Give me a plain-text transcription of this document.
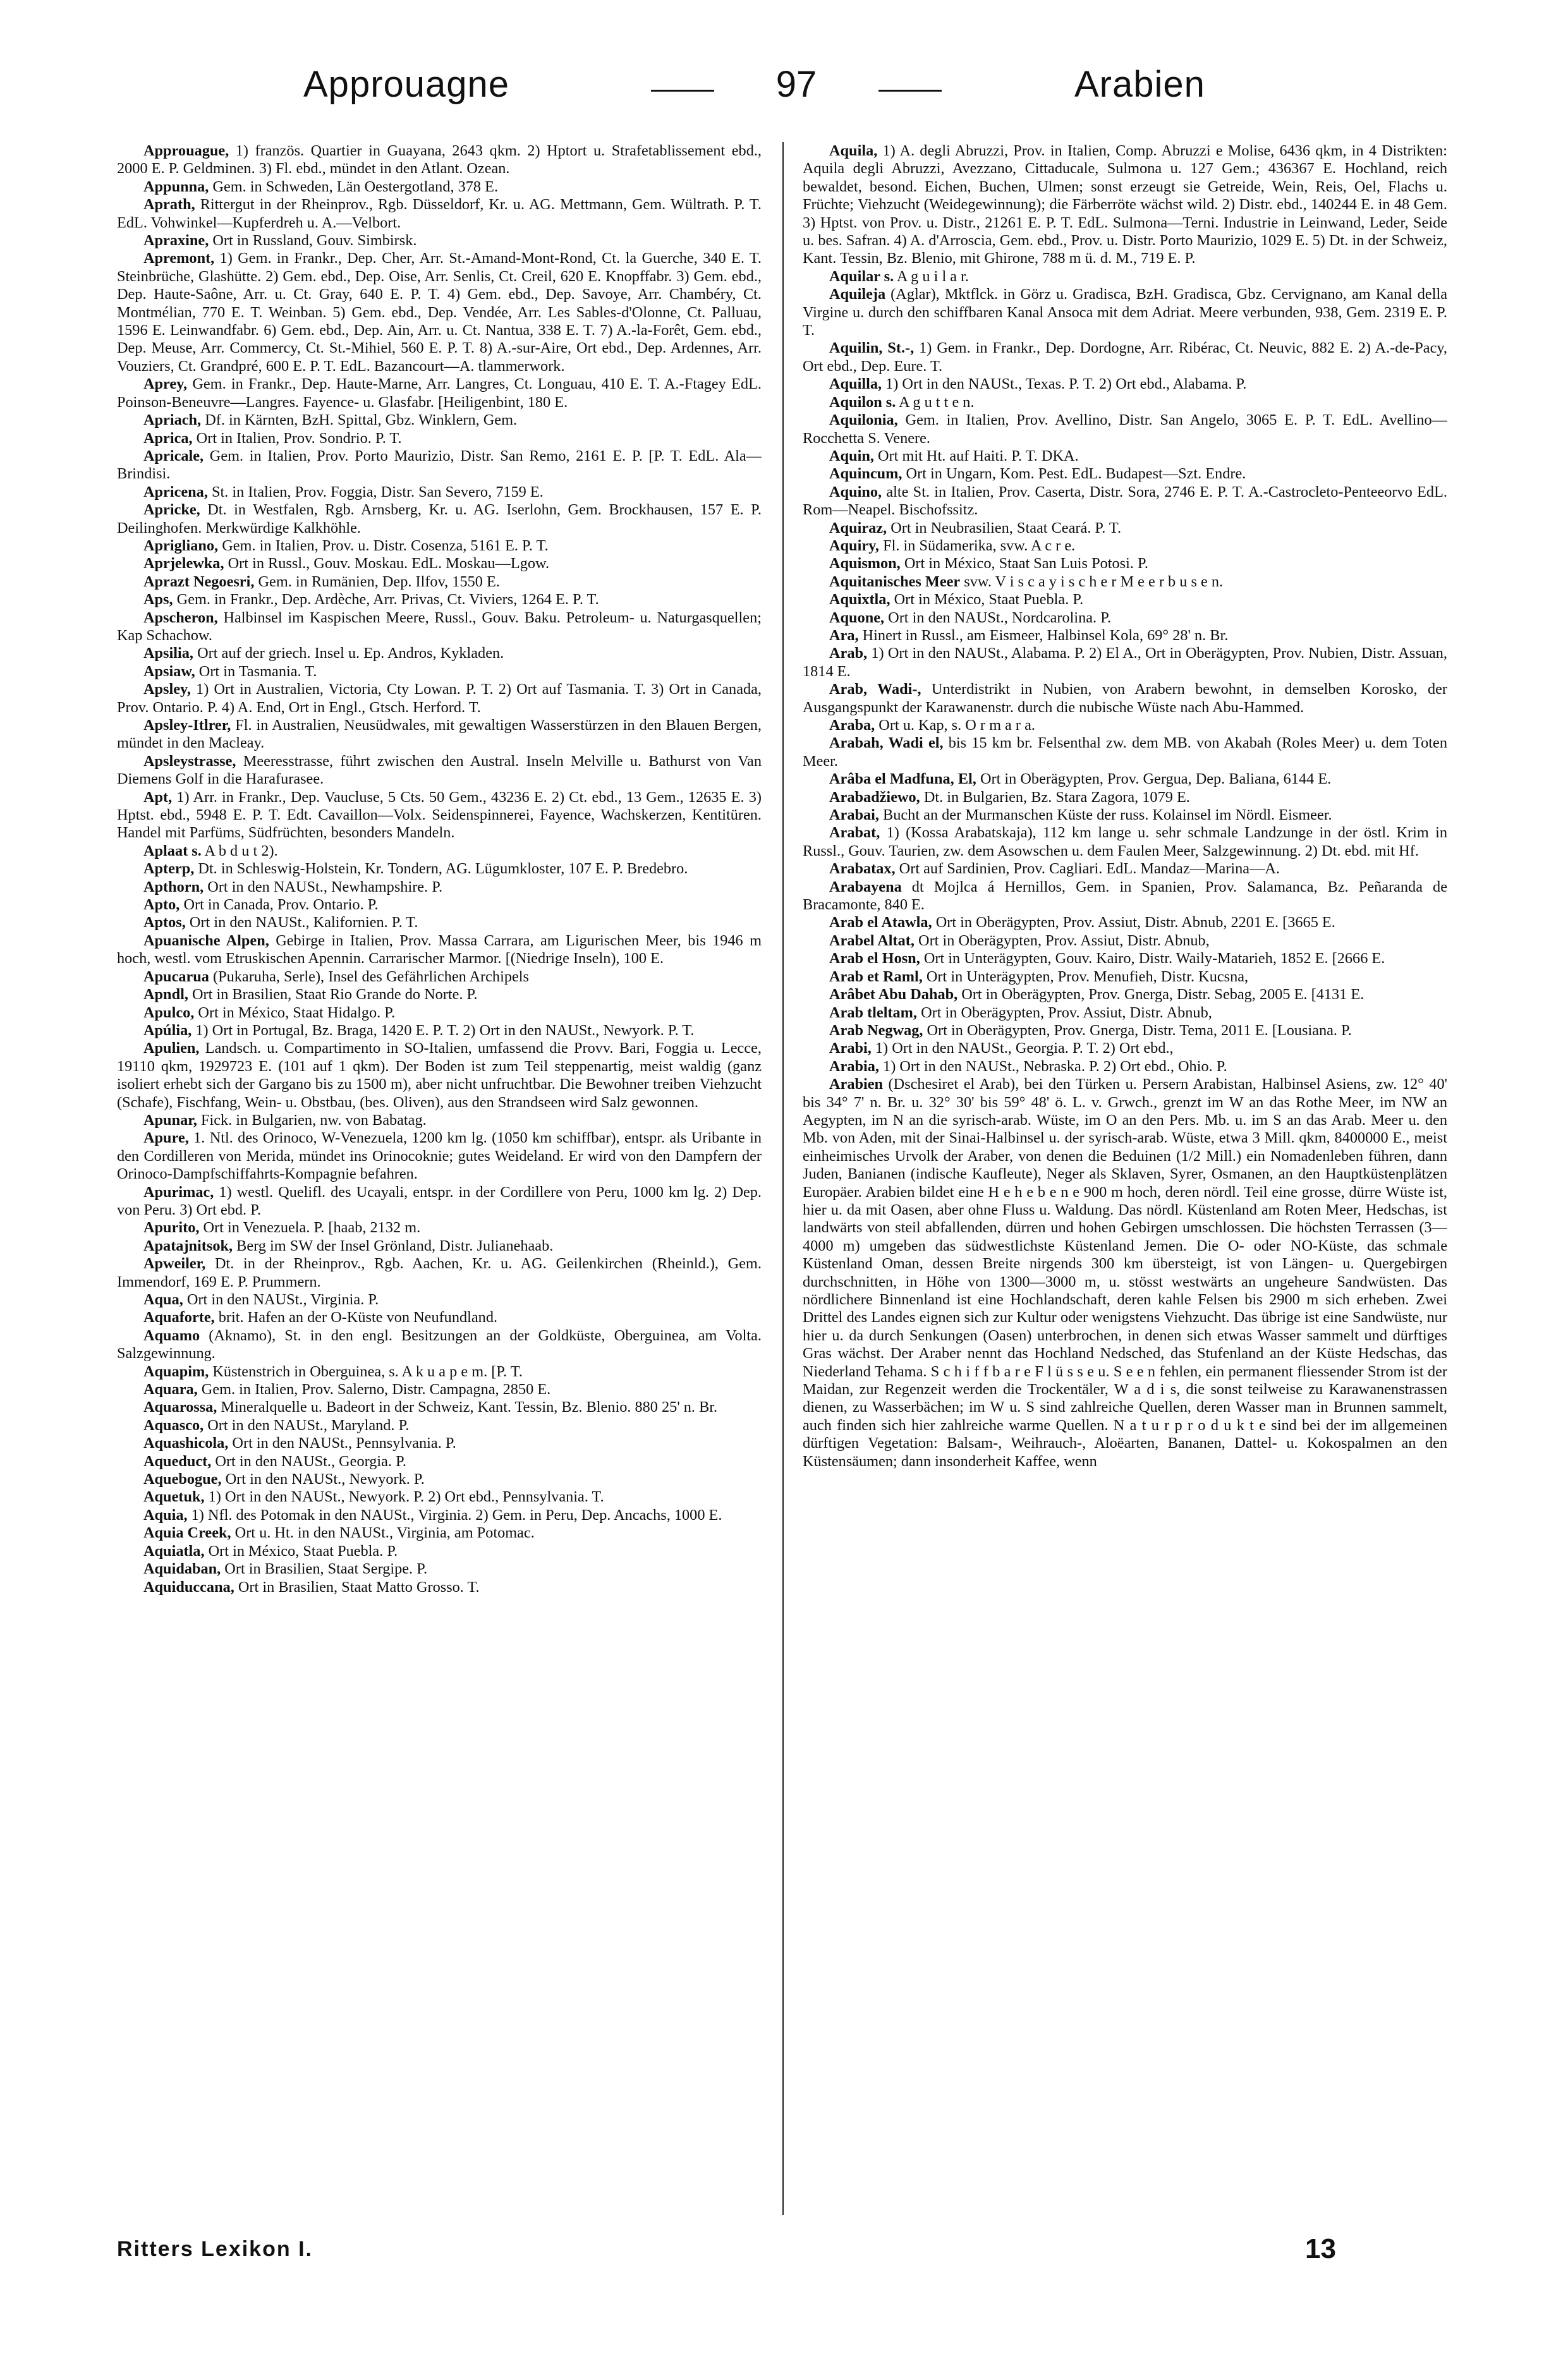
Approuagne	97	Arabien

Approuague, 1) französ. Quartier in Guayana, 2643 qkm. 2) Hptort u. Strafetablissement ebd., 2000 E. P. Geldminen. 3) Fl. ebd., mündet in den Atlant. Ozean.

Appunna, Gem. in Schweden, Län Oestergotland, 378 E.

Aprath, Rittergut in der Rheinprov., Rgb. Düsseldorf, Kr. u. AG. Mettmann, Gem. Wültrath. P. T. EdL. Vohwinkel—Kupferdreh u. A.—Velbort.

Apraxine, Ort in Russland, Gouv. Simbirsk.

Apremont, 1) Gem. in Frankr., Dep. Cher, Arr. St.-Amand-Mont-Rond, Ct. la Guerche, 340 E. T. Steinbrüche, Glashütte. 2) Gem. ebd., Dep. Oise, Arr. Senlis, Ct. Creil, 620 E. Knopffabr. 3) Gem. ebd., Dep. Haute-Saône, Arr. u. Ct. Gray, 640 E. P. T. 4) Gem. ebd., Dep. Savoye, Arr. Chambéry, Ct. Montmélian, 770 E. T. Weinban. 5) Gem. ebd., Dep. Vendée, Arr. Les Sables-d'Olonne, Ct. Palluau, 1596 E. Leinwandfabr. 6) Gem. ebd., Dep. Ain, Arr. u. Ct. Nantua, 338 E. T. 7) A.-la-Forêt, Gem. ebd., Dep. Meuse, Arr. Commercy, Ct. St.-Mihiel, 560 E. P. T. 8) A.-sur-Aire, Ort ebd., Dep. Ardennes, Arr. Vouziers, Ct. Grandpré, 600 E. P. T. EdL. Bazancourt—A. tlammerwork.

Aprey, Gem. in Frankr., Dep. Haute-Marne, Arr. Langres, Ct. Longuau, 410 E. T. A.-Ftagey EdL. Poinson-Beneuvre—Langres. Fayence- u. Glasfabr. [Heiligenbint, 180 E.

Apriach, Df. in Kärnten, BzH. Spittal, Gbz. Winklern, Gem.

Aprica, Ort in Italien, Prov. Sondrio. P. T.

Apricale, Gem. in Italien, Prov. Porto Maurizio, Distr. San Remo, 2161 E. P. [P. T. EdL. Ala—Brindisi.

Apricena, St. in Italien, Prov. Foggia, Distr. San Severo, 7159 E.

Apricke, Dt. in Westfalen, Rgb. Arnsberg, Kr. u. AG. Iserlohn, Gem. Brockhausen, 157 E. P. Deilinghofen. Merkwürdige Kalkhöhle.

Aprigliano, Gem. in Italien, Prov. u. Distr. Cosenza, 5161 E. P. T.

Aprjelewka, Ort in Russl., Gouv. Moskau. EdL. Moskau—Lgow.

Aprazt Negoesri, Gem. in Rumänien, Dep. Ilfov, 1550 E.

Aps, Gem. in Frankr., Dep. Ardèche, Arr. Privas, Ct. Viviers, 1264 E. P. T.

Apscheron, Halbinsel im Kaspischen Meere, Russl., Gouv. Baku. Petroleum- u. Naturgasquellen; Kap Schachow.

Apsilia, Ort auf der griech. Insel u. Ep. Andros, Kykladen.

Apsiaw, Ort in Tasmania. T.

Apsley, 1) Ort in Australien, Victoria, Cty Lowan. P. T. 2) Ort auf Tasmania. T. 3) Ort in Canada, Prov. Ontario. P. 4) A. End, Ort in Engl., Gtsch. Herford. T.

Apsley-Itlrer, Fl. in Australien, Neusüdwales, mit gewaltigen Wasserstürzen in den Blauen Bergen, mündet in den Macleay.

Apsleystrasse, Meeresstrasse, führt zwischen den Austral. Inseln Melville u. Bathurst von Van Diemens Golf in die Harafurasee.

Apt, 1) Arr. in Frankr., Dep. Vaucluse, 5 Cts. 50 Gem., 43236 E. 2) Ct. ebd., 13 Gem., 12635 E. 3) Hptst. ebd., 5948 E. P. T. Edt. Cavaillon—Volx. Seidenspinnerei, Fayence, Wachskerzen, Kentitüren. Handel mit Parfüms, Südfrüchten, besonders Mandeln.

Aplaat s. A b d u t 2).

Apterp, Dt. in Schleswig-Holstein, Kr. Tondern, AG. Lügumkloster, 107 E. P. Bredebro.

Apthorn, Ort in den NAUSt., Newhampshire. P.

Apto, Ort in Canada, Prov. Ontario. P.

Aptos, Ort in den NAUSt., Kalifornien. P. T.

Apuanische Alpen, Gebirge in Italien, Prov. Massa Carrara, am Ligurischen Meer, bis 1946 m hoch, westl. vom Etruskischen Apennin. Carrarischer Marmor. [(Niedrige Inseln), 100 E.

Apucarua (Pukaruha, Serle), Insel des Gefährlichen Archipels

Apndl, Ort in Brasilien, Staat Rio Grande do Norte. P.

Apulco, Ort in México, Staat Hidalgo. P.

Apúlia, 1) Ort in Portugal, Bz. Braga, 1420 E. P. T. 2) Ort in den NAUSt., Newyork. P. T.

Apulien, Landsch. u. Compartimento in SO-Italien, umfassend die Provv. Bari, Foggia u. Lecce, 19110 qkm, 1929723 E. (101 auf 1 qkm). Der Boden ist zum Teil steppenartig, meist waldig (ganz isoliert erhebt sich der Gargano bis zu 1500 m), aber nicht unfruchtbar. Die Bewohner treiben Viehzucht (Schafe), Fischfang, Wein- u. Obstbau, (bes. Oliven), aus den Strandseen wird Salz gewonnen.

Apunar, Fick. in Bulgarien, nw. von Babatag.

Apure, 1. Ntl. des Orinoco, W-Venezuela, 1200 km lg. (1050 km schiffbar), entspr. als Uribante in den Cordilleren von Merida, mündet ins Orinocoknie; gutes Weideland. Er wird von den Dampfern der Orinoco-Dampfschiffahrts-Kompagnie befahren.

Apurimac, 1) westl. Quelifl. des Ucayali, entspr. in der Cordillere von Peru, 1000 km lg. 2) Dep. von Peru. 3) Ort ebd. P.

Apurito, Ort in Venezuela. P. [haab, 2132 m.

Apatajnitsok, Berg im SW der Insel Grönland, Distr. Julianehaab.

Apweiler, Dt. in der Rheinprov., Rgb. Aachen, Kr. u. AG. Geilenkirchen (Rheinld.), Gem. Immendorf, 169 E. P. Prummern.

Aqua, Ort in den NAUSt., Virginia. P.

Aquaforte, brit. Hafen an der O-Küste von Neufundland.

Aquamo (Aknamo), St. in den engl. Besitzungen an der Goldküste, Oberguinea, am Volta. Salzgewinnung.

Aquapim, Küstenstrich in Oberguinea, s. A k u a p e m. [P. T.

Aquara, Gem. in Italien, Prov. Salerno, Distr. Campagna, 2850 E.

Aquarossa, Mineralquelle u. Badeort in der Schweiz, Kant. Tessin, Bz. Blenio. 880 25' n. Br.

Aquasco, Ort in den NAUSt., Maryland. P.

Aquashicola, Ort in den NAUSt., Pennsylvania. P.

Aqueduct, Ort in den NAUSt., Georgia. P.

Aquebogue, Ort in den NAUSt., Newyork. P.

Aquetuk, 1) Ort in den NAUSt., Newyork. P. 2) Ort ebd., Pennsylvania. T.

Aquia, 1) Nfl. des Potomak in den NAUSt., Virginia. 2) Gem. in Peru, Dep. Ancachs, 1000 E.

Aquia Creek, Ort u. Ht. in den NAUSt., Virginia, am Potomac.

Aquiatla, Ort in México, Staat Puebla. P.

Aquidaban, Ort in Brasilien, Staat Sergipe. P.

Aquiduccana, Ort in Brasilien, Staat Matto Grosso. T.

Aquila, 1) A. degli Abruzzi, Prov. in Italien, Comp. Abruzzi e Molise, 6436 qkm, in 4 Distrikten: Aquila degli Abruzzi, Avezzano, Cittaducale, Sulmona u. 127 Gem.; 436367 E. Hochland, reich bewaldet, besond. Eichen, Buchen, Ulmen; sonst erzeugt sie Getreide, Wein, Reis, Oel, Flachs u. Früchte; Viehzucht (Weidegewinnung); die Färberröte wächst wild. 2) Distr. ebd., 140244 E. in 48 Gem. 3) Hptst. von Prov. u. Distr., 21261 E. P. T. EdL. Sulmona—Terni. Industrie in Leinwand, Leder, Seide u. bes. Safran. 4) A. d'Arroscia, Gem. ebd., Prov. u. Distr. Porto Maurizio, 1029 E. 5) Dt. in der Schweiz, Kant. Tessin, Bz. Blenio, mit Ghirone, 788 m ü. d. M., 719 E. P.

Aquilar s. A g u i l a r.

Aquileja (Aglar), Mktflck. in Görz u. Gradisca, BzH. Gradisca, Gbz. Cervignano, am Kanal della Virgine u. durch den schiffbaren Kanal Ansoca mit dem Adriat. Meere verbunden, 938, Gem. 2319 E. P. T.

Aquilin, St.-, 1) Gem. in Frankr., Dep. Dordogne, Arr. Ribérac, Ct. Neuvic, 882 E. 2) A.-de-Pacy, Ort ebd., Dep. Eure. T.

Aquilla, 1) Ort in den NAUSt., Texas. P. T. 2) Ort ebd., Alabama. P.

Aquilon s. A g u t t e n.

Aquilonia, Gem. in Italien, Prov. Avellino, Distr. San Angelo, 3065 E. P. T. EdL. Avellino—Rocchetta S. Venere.

Aquin, Ort mit Ht. auf Haiti. P. T. DKA.

Aquincum, Ort in Ungarn, Kom. Pest. EdL. Budapest—Szt. Endre.

Aquino, alte St. in Italien, Prov. Caserta, Distr. Sora, 2746 E. P. T. A.-Castrocleto-Penteeorvo EdL. Rom—Neapel. Bischofssitz.

Aquiraz, Ort in Neubrasilien, Staat Ceará. P. T.

Aquiry, Fl. in Südamerika, svw. A c r e.

Aquismon, Ort in México, Staat San Luis Potosi. P.

Aquitanisches Meer svw. V i s c a y i s c h e r M e e r b u s e n.

Aquixtla, Ort in México, Staat Puebla. P.

Aquone, Ort in den NAUSt., Nordcarolina. P.

Ara, Hinert in Russl., am Eismeer, Halbinsel Kola, 69° 28' n. Br.

Arab, 1) Ort in den NAUSt., Alabama. P. 2) El A., Ort in Oberägypten, Prov. Nubien, Distr. Assuan, 1814 E.

Arab, Wadi-, Unterdistrikt in Nubien, von Arabern bewohnt, in demselben Korosko, der Ausgangspunkt der Karawanenstr. durch die nubische Wüste nach Abu-Hammed.

Araba, Ort u. Kap, s. O r m a r a.

Arabah, Wadi el, bis 15 km br. Felsenthal zw. dem MB. von Akabah (Roles Meer) u. dem Toten Meer.

Arâba el Madfuna, El, Ort in Oberägypten, Prov. Gergua, Dep. Baliana, 6144 E.

Arabadžiewo, Dt. in Bulgarien, Bz. Stara Zagora, 1079 E.

Arabai, Bucht an der Murmanschen Küste der russ. Kolainsel im Nördl. Eismeer.

Arabat, 1) (Kossa Arabatskaja), 112 km lange u. sehr schmale Landzunge in der östl. Krim in Russl., Gouv. Taurien, zw. dem Asowschen u. dem Faulen Meer, Salzgewinnung. 2) Dt. ebd. mit Hf.

Arabatax, Ort auf Sardinien, Prov. Cagliari. EdL. Mandaz—Marina—A.

Arabayena dt Mojlca á Hernillos, Gem. in Spanien, Prov. Salamanca, Bz. Peñaranda de Bracamonte, 840 E.

Arab el Atawla, Ort in Oberägypten, Prov. Assiut, Distr. Abnub, 2201 E. [3665 E.

Arabel Altat, Ort in Oberägypten, Prov. Assiut, Distr. Abnub,

Arab el Hosn, Ort in Unterägypten, Gouv. Kairo, Distr. Waily-Matarieh, 1852 E. [2666 E.

Arab et Raml, Ort in Unterägypten, Prov. Menufieh, Distr. Kucsna,

Arâbet Abu Dahab, Ort in Oberägypten, Prov. Gnerga, Distr. Sebag, 2005 E. [4131 E.

Arab tleltam, Ort in Oberägypten, Prov. Assiut, Distr. Abnub,

Arab Negwag, Ort in Oberägypten, Prov. Gnerga, Distr. Tema, 2011 E. [Lousiana. P.

Arabi, 1) Ort in den NAUSt., Georgia. P. T. 2) Ort ebd.,

Arabia, 1) Ort in den NAUSt., Nebraska. P. 2) Ort ebd., Ohio. P.

Arabien (Dschesiret el Arab), bei den Türken u. Persern Arabistan, Halbinsel Asiens, zw. 12° 40' bis 34° 7' n. Br. u. 32° 30' bis 59° 48' ö. L. v. Grwch., grenzt im W an das Rothe Meer, im NW an Aegypten, im N an die syrisch-arab. Wüste, im O an den Pers. Mb. u. im S an das Arab. Meer u. den Mb. von Aden, mit der Sinai-Halbinsel u. der syrisch-arab. Wüste, etwa 3 Mill. qkm, 8400000 E., meist einheimisches Urvolk der Araber, von denen die Beduinen (1/2 Mill.) ein Nomadenleben führen, dann Juden, Banianen (indische Kaufleute), Neger als Sklaven, Syrer, Osmanen, an den Hauptküstenplätzen Europäer. Arabien bildet eine H e h e b e n e 900 m hoch, deren nördl. Teil eine grosse, dürre Wüste ist, hier u. da mit Oasen, aber ohne Fluss u. Waldung. Das nördl. Küstenland am Roten Meer, Hedschas, ist landwärts von steil abfallenden, dürren und hohen Gebirgen umschlossen. Die höchsten Terrassen (3—4000 m) umgeben das südwestlichste Küstenland Jemen. Die O- oder NO-Küste, das schmale Küstenland Oman, dessen Breite nirgends 300 km übersteigt, ist von Längen- u. Quergebirgen durchschnitten, in Höhe von 1300—3000 m, u. stösst westwärts an ungeheure Sandwüsten. Das nördlichere Binnenland ist eine Hochlandschaft, deren kahle Felsen bis 2900 m sich erheben. Zwei Drittel des Landes eignen sich zur Kultur oder wenigstens Viehzucht. Das übrige ist eine Sandwüste, nur hier u. da durch Senkungen (Oasen) unterbrochen, in denen sich etwas Wasser sammelt und dürftiges Gras wächst. Der Araber nennt das Hochland Nedsched, das Stufenland an der Küste Hedschas, das Niederland Tehama. S c h i f f b a r e F l ü s s e u. S e e n fehlen, ein permanent fliessender Strom ist der Maidan, zur Regenzeit werden die Trockentäler, W a d i s, die sonst teilweise zu Karawanenstrassen dienen, zu Wasserbächen; im W u. S sind zahlreiche Quellen, deren Wasser man in Brunnen sammelt, auch finden sich hier zahlreiche warme Quellen. N a t u r p r o d u k t e sind bei der im allgemeinen dürftigen Vegetation: Balsam-, Weihrauch-, Aloëarten, Bananen, Dattel- u. Kokospalmen an den Küstensäumen; dann insonderheit Kaffee, wenn

Ritters Lexikon I.	13
